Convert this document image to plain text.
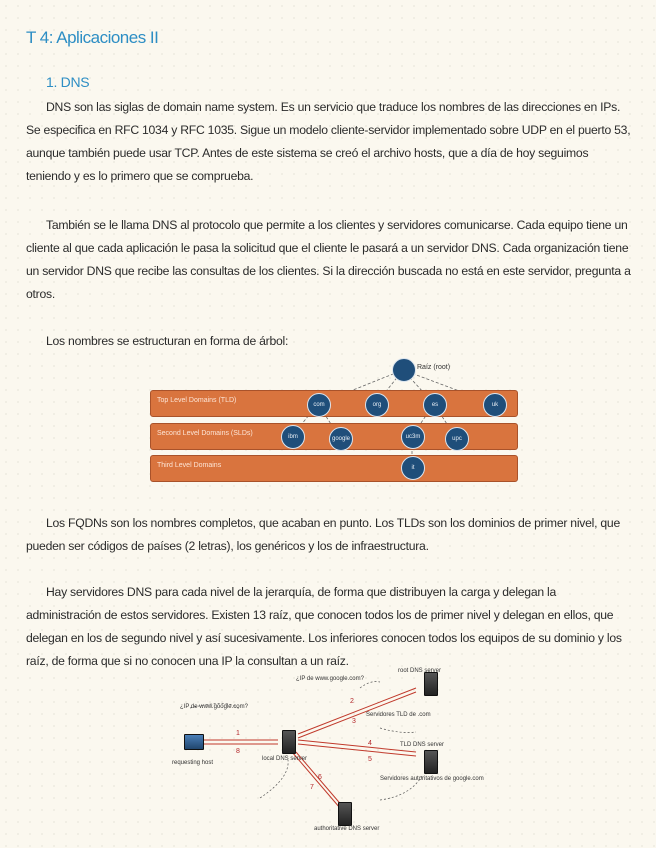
T 4: Aplicaciones II
1. DNS
DNS son las siglas de domain name system. Es un servicio que traduce los nombres de las direcciones en IPs. Se especifica en RFC 1034 y RFC 1035. Sigue un modelo cliente-servidor implementado sobre UDP en el puerto 53, aunque también puede usar TCP. Antes de este sistema se creó el archivo hosts, que a día de hoy seguimos teniendo y es lo primero que se comprueba.
También se le llama DNS al protocolo que permite a los clientes y servidores comunicarse. Cada equipo tiene un cliente al que cada aplicación le pasa la solicitud que el cliente le pasará a un servidor DNS. Cada organización tiene un servidor DNS que recibe las consultas de los clientes. Si la dirección buscada no está en este servidor, pregunta a otros.
Los nombres se estructuran en forma de árbol:
Top Level Domains (TLD)
Second Level Domains (SLDs)
Third Level Domains
Raíz (root)
com	org	es	uk
ibm	google	uc3m	upc
it
Los FQDNs son los nombres completos, que acaban en punto. Los TLDs son los dominios de primer nivel, que pueden ser códigos de países (2 letras), los genéricos y los de infraestructura.
Hay servidores DNS para cada nivel de la jerarquía, de forma que distribuyen la carga y delegan la administración de estos servidores. Existen 13 raíz, que conocen todos los de primer nivel y delegan en ellos, que delegan en los de segundo nivel y así sucesivamente. Los inferiores conocen todos los equipos de su dominio y los raíz, de forma que si no conocen una IP la consultan a un raíz.
root DNS server
TLD DNS server
local DNS server
authoritative DNS server
requesting host
¿IP de www.google.com?
¿IP de www.google.com?
Servidores TLD de .com
Servidores autoritativos de google.com
1
2
3
4
5
6
7
8
